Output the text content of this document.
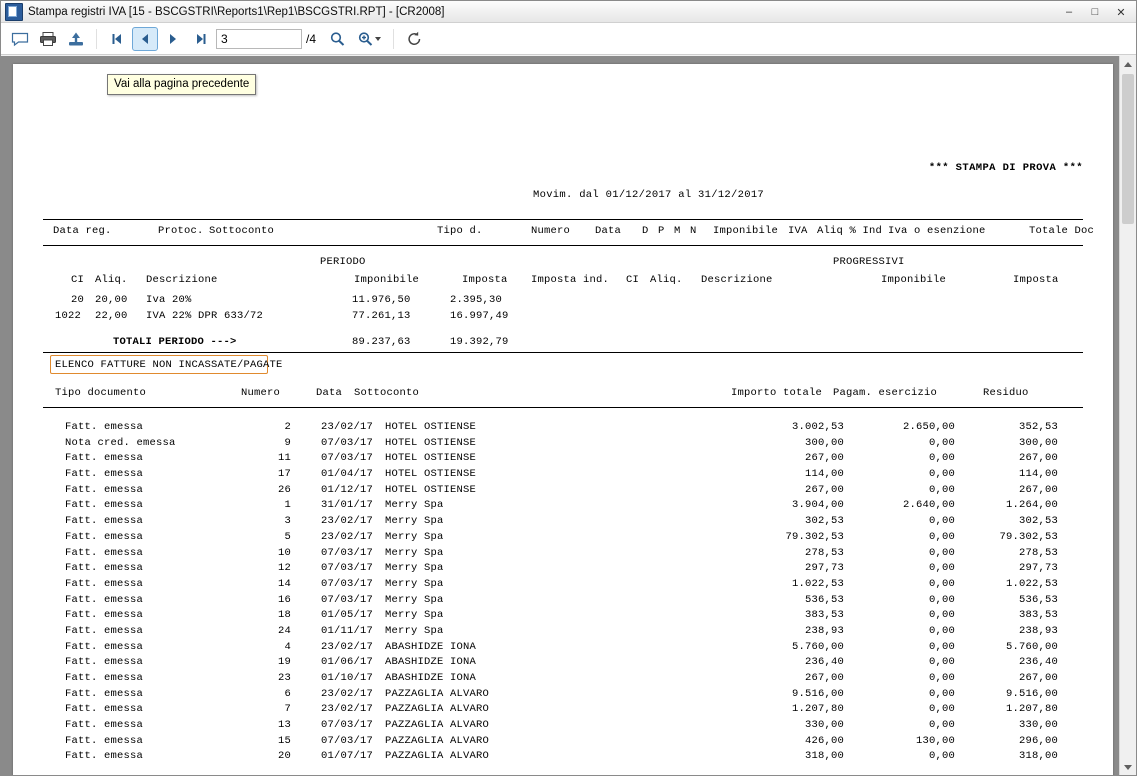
Stampa registri IVA [15 - BSCGSTRI\Reports1\Rep1\BSCGSTRI.RPT] - [CR2008]	–	□	✕
3
/4
*** STAMPA DI PROVA ***
Movim. dal 01/12/2017 al 31/12/2017
Data reg.	Protoc. Sottoconto	Tipo d.	Numero Data D P M N Imponibile IVA Aliq % Ind Iva o esenzione	Totale Doc
PERIODO	PROGRESSIVI
CI Aliq. Descrizione	Imponibile	Imposta Imposta ind. CI Aliq. Descrizione	Imponibile	Imposta
20 20,00 Iva 20%	11.976,50	2.395,30
1022 22,00 IVA 22% DPR 633/72	77.261,13	16.997,49
TOTALI PERIODO --->	89.237,63	19.392,79
ELENCO FATTURE NON INCASSATE/PAGATE
Tipo documento	Numero	Data Sottoconto	Importo totale Pagam. esercizio	Residuo
Fatt. emessa	2	23/02/17 HOTEL OSTIENSE	3.002,53	2.650,00	352,53
Nota cred. emessa	9	07/03/17 HOTEL OSTIENSE	300,00	0,00	300,00
Fatt. emessa	11	07/03/17 HOTEL OSTIENSE	267,00	0,00	267,00
Fatt. emessa	17	01/04/17 HOTEL OSTIENSE	114,00	0,00	114,00
Fatt. emessa	26	01/12/17 HOTEL OSTIENSE	267,00	0,00	267,00
Fatt. emessa	1	31/01/17 Merry Spa	3.904,00	2.640,00	1.264,00
Fatt. emessa	3	23/02/17 Merry Spa	302,53	0,00	302,53
Fatt. emessa	5	23/02/17 Merry Spa	79.302,53	0,00	79.302,53
Fatt. emessa	10	07/03/17 Merry Spa	278,53	0,00	278,53
Fatt. emessa	12	07/03/17 Merry Spa	297,73	0,00	297,73
Fatt. emessa	14	07/03/17 Merry Spa	1.022,53	0,00	1.022,53
Fatt. emessa	16	07/03/17 Merry Spa	536,53	0,00	536,53
Fatt. emessa	18	01/05/17 Merry Spa	383,53	0,00	383,53
Fatt. emessa	24	01/11/17 Merry Spa	238,93	0,00	238,93
Fatt. emessa	4	23/02/17 ABASHIDZE IONA	5.760,00	0,00	5.760,00
Fatt. emessa	19	01/06/17 ABASHIDZE IONA	236,40	0,00	236,40
Fatt. emessa	23	01/10/17 ABASHIDZE IONA	267,00	0,00	267,00
Fatt. emessa	6	23/02/17 PAZZAGLIA ALVARO	9.516,00	0,00	9.516,00
Fatt. emessa	7	23/02/17 PAZZAGLIA ALVARO	1.207,80	0,00	1.207,80
Fatt. emessa	13	07/03/17 PAZZAGLIA ALVARO	330,00	0,00	330,00
Fatt. emessa	15	07/03/17 PAZZAGLIA ALVARO	426,00	130,00	296,00
Fatt. emessa	20	01/07/17 PAZZAGLIA ALVARO	318,00	0,00	318,00
Vai alla pagina precedente
